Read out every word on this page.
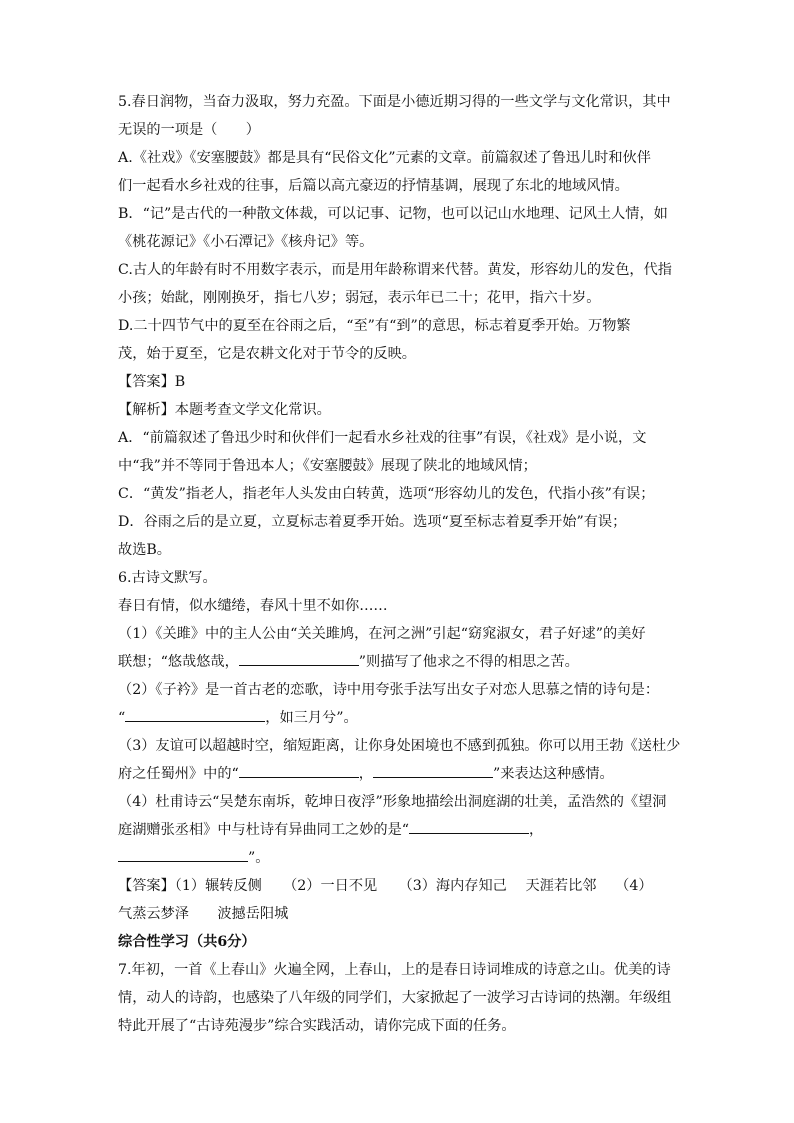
5.春日润物，当奋力汲取，努力充盈。下面是小德近期习得的一些文学与文化常识，其中
无误的一项是（　　）
A.《社戏》《安塞腰鼓》都是具有“民俗文化”元素的文章。前篇叙述了鲁迅儿时和伙伴
们一起看水乡社戏的往事，后篇以高亢豪迈的抒情基调，展现了东北的地域风情。
B．“记”是古代的一种散文体裁，可以记事、记物，也可以记山水地理、记风土人情，如
《桃花源记》《小石潭记》《核舟记》等。
C.古人的年龄有时不用数字表示，而是用年龄称谓来代替。黄发，形容幼儿的发色，代指
小孩；始龀，刚刚换牙，指七八岁；弱冠，表示年已二十；花甲，指六十岁。
D.二十四节气中的夏至在谷雨之后，“至”有“到”的意思，标志着夏季开始。万物繁
茂，始于夏至，它是农耕文化对于节令的反映。
【答案】B
【解析】本题考查文学文化常识。
A．“前篇叙述了鲁迅少时和伙伴们一起看水乡社戏的往事”有误，《社戏》是小说，文
中“我”并不等同于鲁迅本人；《安塞腰鼓》展现了陕北的地域风情；
C．“黄发”指老人，指老年人头发由白转黄，选项“形容幼儿的发色，代指小孩”有误；
D．谷雨之后的是立夏，立夏标志着夏季开始。选项“夏至标志着夏季开始”有误；
故选B。
6.古诗文默写。
春日有情，似水缱绻，春风十里不如你……
（1）《关雎》中的主人公由“关关雎鸠，在河之洲”引起“窈窕淑女，君子好逑”的美好
联想；“悠哉悠哉，	”则描写了他求之不得的相思之苦。
（2）《子衿》是一首古老的恋歌，诗中用夸张手法写出女子对恋人思慕之情的诗句是：
“	，如三月兮”。
（3）友谊可以超越时空，缩短距离，让你身处困境也不感到孤独。你可以用王勃《送杜少
府之任蜀州》中的“	，	”来表达这种感情。
（4）杜甫诗云“吴楚东南坼，乾坤日夜浮”形象地描绘出洞庭湖的壮美，孟浩然的《望洞
庭湖赠张丞相》中与杜诗有异曲同工之妙的是“	，
”。
【答案】（1）辗转反侧　　（2）一日不见　　（3）海内存知己　 天涯若比邻　 （4）
气蒸云梦泽　　波撼岳阳城
综合性学习（共6分）
7.年初，一首《上春山》火遍全网，上春山，上的是春日诗词堆成的诗意之山。优美的诗
情，动人的诗韵，也感染了八年级的同学们，大家掀起了一波学习古诗词的热潮。年级组
特此开展了“古诗苑漫步”综合实践活动，请你完成下面的任务。
